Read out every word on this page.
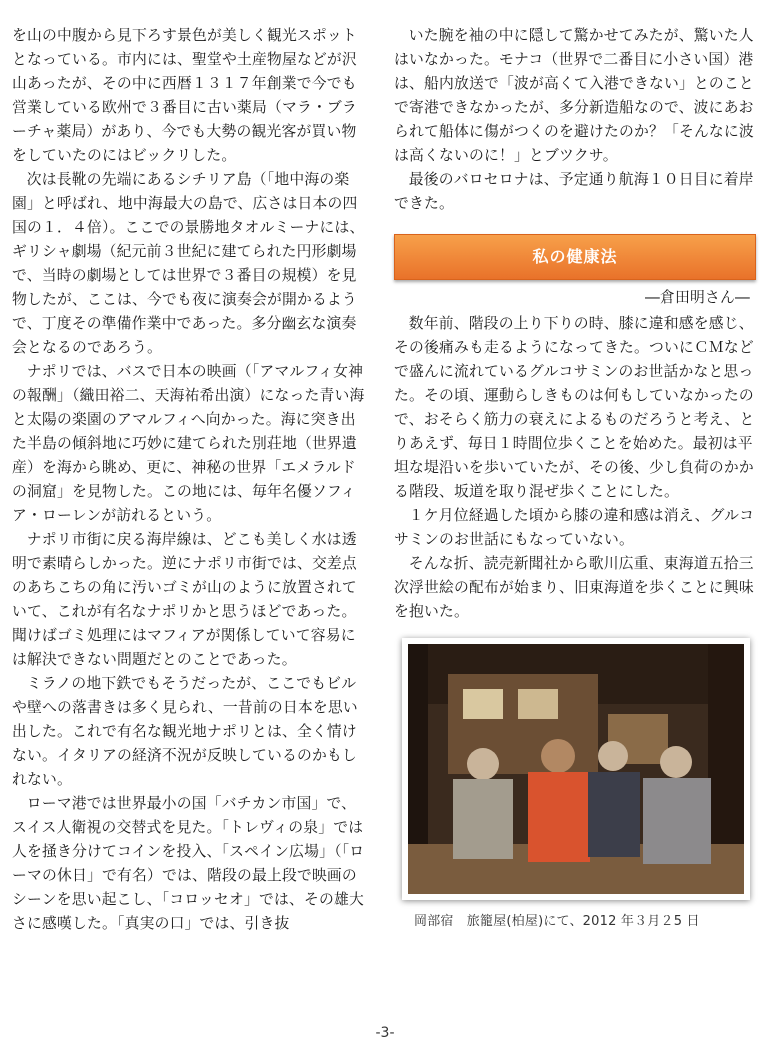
を山の中腹から見下ろす景色が美しく観光スポットとなっている。市内には、聖堂や土産物屋などが沢山あったが、その中に西暦１３１７年創業で今でも営業している欧州で３番目に古い薬局（マラ・ブラーチャ薬局）があり、今でも大勢の観光客が買い物をしていたのにはビックリした。

次は長靴の先端にあるシチリア島（「地中海の楽園」と呼ばれ、地中海最大の島で、広さは日本の四国の１．４倍）。ここでの景勝地タオルミーナには、ギリシャ劇場（紀元前３世紀に建てられた円形劇場で、当時の劇場としては世界で３番目の規模）を見物したが、ここは、今でも夜に演奏会が開かるようで、丁度その準備作業中であった。多分幽玄な演奏会となるのであろう。

ナポリでは、バスで日本の映画（「アマルフィ女神の報酬」（織田裕二、天海祐希出演）になった青い海と太陽の楽園のアマルフィへ向かった。海に突き出た半島の傾斜地に巧妙に建てられた別荘地（世界遺産）を海から眺め、更に、神秘の世界「エメラルドの洞窟」を見物した。この地には、毎年名優ソフィア・ローレンが訪れるという。

ナポリ市街に戻る海岸線は、どこも美しく水は透明で素晴らしかった。逆にナポリ市街では、交差点のあちこちの角に汚いゴミが山のように放置されていて、これが有名なナポリかと思うほどであった。聞けばゴミ処理にはマフィアが関係していて容易には解決できない問題だとのことであった。

ミラノの地下鉄でもそうだったが、ここでもビルや壁への落書きは多く見られ、一昔前の日本を思い出した。これで有名な観光地ナポリとは、全く情けない。イタリアの経済不況が反映しているのかもしれない。

ローマ港では世界最小の国「バチカン市国」で、スイス人衛視の交替式を見た。「トレヴィの泉」では人を掻き分けてコインを投入、「スペイン広場」（「ローマの休日」で有名）では、階段の最上段で映画のシーンを思い起こし、「コロッセオ」では、その雄大さに感嘆した。「真実の口」では、引き抜

いた腕を袖の中に隠して驚かせてみたが、驚いた人はいなかった。モナコ（世界で二番目に小さい国）港は、船内放送で「波が高くて入港できない」とのことで寄港できなかったが、多分新造船なので、波にあおられて船体に傷がつくのを避けたのか？「そんなに波は高くないのに！」とブツクサ。

最後のバロセロナは、予定通り航海１０日目に着岸できた。

私の健康法
―倉田明さん―

数年前、階段の上り下りの時、膝に違和感を感じ、その後痛みも走るようになってきた。ついにＣＭなどで盛んに流れているグルコサミンのお世話かなと思った。その頃、運動らしきものは何もしていなかったので、おそらく筋力の衰えによるものだろうと考え、とりあえず、毎日１時間位歩くことを始めた。最初は平坦な堤沿いを歩いていたが、その後、少し負荷のかかる階段、坂道を取り混ぜ歩くことにした。

１ケ月位経過した頃から膝の違和感は消え、グルコサミンのお世話にもなっていない。

そんな折、読売新聞社から歌川広重、東海道五拾三次浮世絵の配布が始まり、旧東海道を歩くことに興味を抱いた。

岡部宿　旅籠屋(柏屋)にて、2012 年３月２5 日
-3-
